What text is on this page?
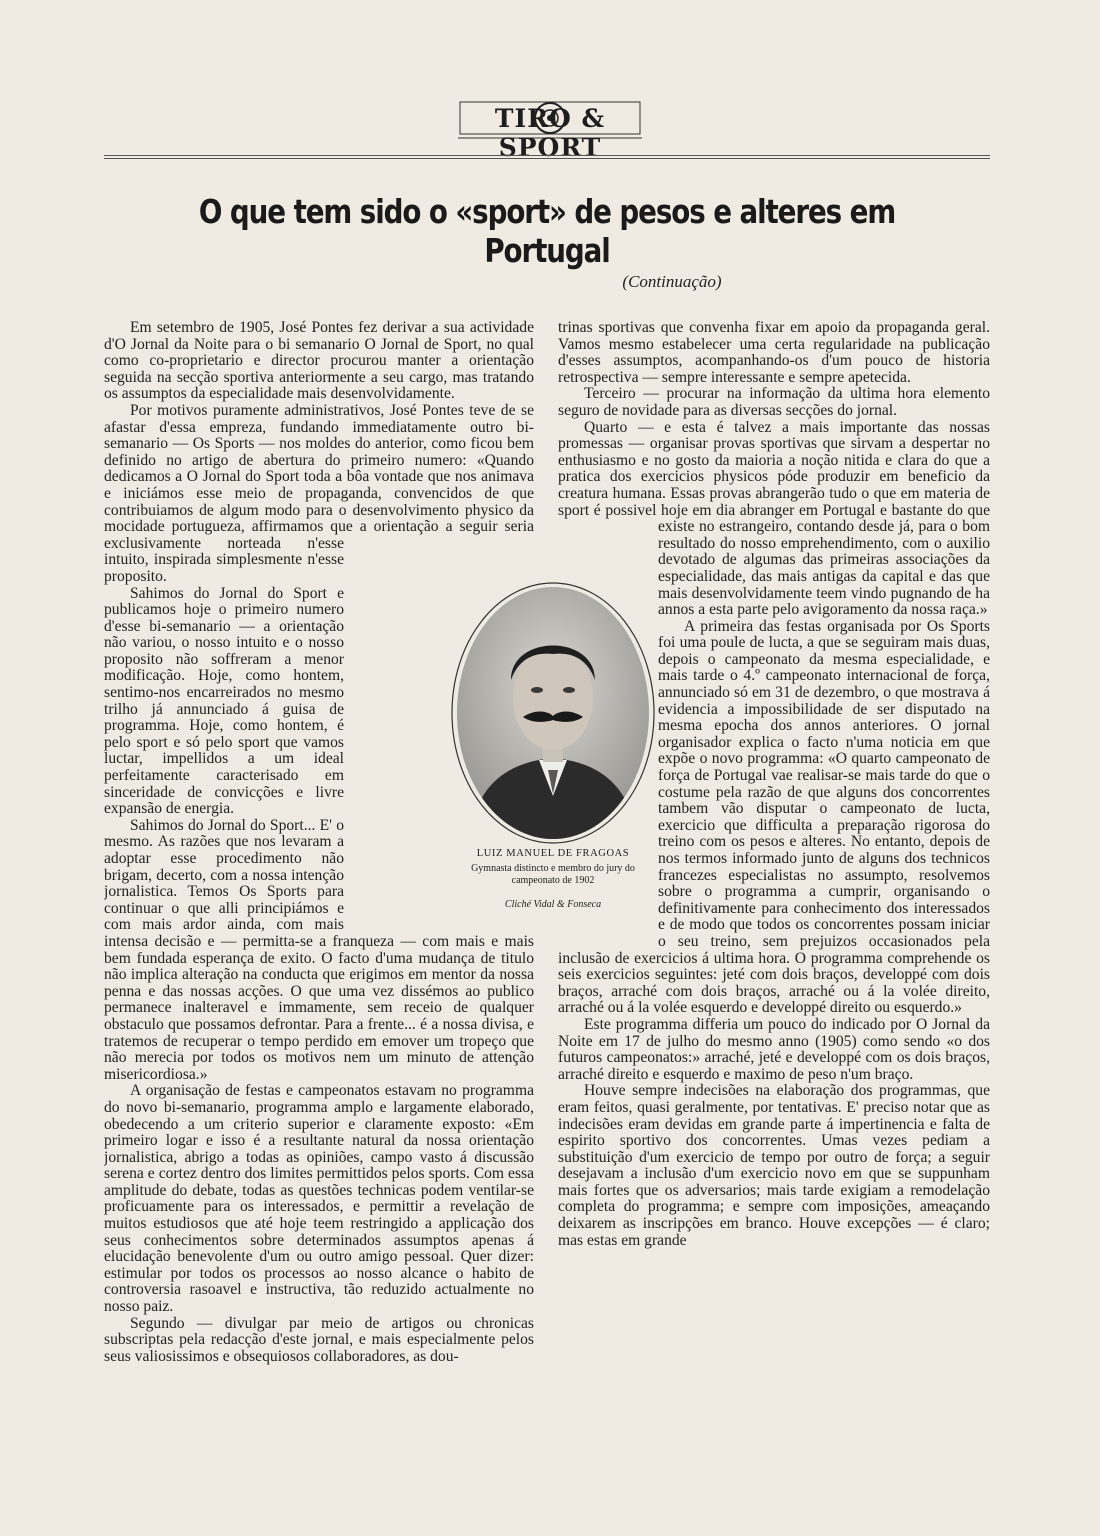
TIRO & SPORT
O que tem sido o «sport» de pesos e alteres em Portugal
(Continuação)

Em setembro de 1905, José Pontes fez derivar a sua actividade d'O Jornal da Noite para o bi semanario O Jornal de Sport, no qual como co-proprietario e director procurou manter a orientação seguida na secção sportiva anteriormente a seu cargo, mas tratando os assumptos da especialidade mais desenvolvidamente.

Por motivos puramente administrativos, José Pontes teve de se afastar d'essa empreza, fundando immediatamente outro bi-semanario — Os Sports — nos moldes do anterior, como ficou bem definido no artigo de abertura do primeiro numero: «Quando dedicamos a O Jornal do Sport toda a bôa vontade que nos animava e iniciámos esse meio de propaganda, convencidos de que contribuiamos de algum modo para o desenvolvimento physico da mocidade portugueza, affirmamos que a orientação a seguir seria exclusivamente norteada n'esse intuito, inspirada simplesmente n'esse proposito.

Sahimos do Jornal do Sport e publicamos hoje o primeiro numero d'esse bi-semanario — a orientação não variou, o nosso intuito e o nosso proposito não soffreram a menor modificação. Hoje, como hontem, sentimo-nos encarreirados no mesmo trilho já annunciado á guisa de programma. Hoje, como hontem, é pelo sport e só pelo sport que vamos luctar, impellidos a um ideal perfeitamente caracterisado em sinceridade de convicções e livre expansão de energia.

Sahimos do Jornal do Sport... E' o mesmo. As razões que nos levaram a adoptar esse procedimento não brigam, decerto, com a nossa intenção jornalistica. Temos Os Sports para continuar o que alli principiámos e com mais ardor ainda, com mais intensa decisão e — permitta-se a franqueza — com mais e mais bem fundada esperança de exito. O facto d'uma mudança de titulo não implica alteração na conducta que erigimos em mentor da nossa penna e das nossas acções. O que uma vez dissémos ao publico permanece inalteravel e immamente, sem receio de qualquer obstaculo que possamos defrontar. Para a frente... é a nossa divisa, e tratemos de recuperar o tempo perdido em emover um tropeço que não merecia por todos os motivos nem um minuto de attenção misericordiosa.»

A organisação de festas e campeonatos estavam no programma do novo bi-semanario, programma amplo e largamente elaborado, obedecendo a um criterio superior e claramente exposto: «Em primeiro logar e isso é a resultante natural da nossa orientação jornalistica, abrigo a todas as opiniões, campo vasto á discussão serena e cortez dentro dos limites permittidos pelos sports. Com essa amplitude do debate, todas as questões technicas podem ventilar-se proficuamente para os interessados, e permittir a revelação de muitos estudiosos que até hoje teem restringido a applicação dos seus conhecimentos sobre determinados assumptos apenas á elucidação benevolente d'um ou outro amigo pessoal. Quer dizer: estimular por todos os processos ao nosso alcance o habito de controversia rasoavel e instructiva, tão reduzido actualmente no nosso paiz.

Segundo — divulgar par meio de artigos ou chronicas subscriptas pela redacção d'este jornal, e mais especialmente pelos seus valiosissimos e obsequiosos collaboradores, as dou-

trinas sportivas que convenha fixar em apoio da propaganda geral. Vamos mesmo estabelecer uma certa regularidade na publicação d'esses assumptos, acompanhando-os d'um pouco de historia retrospectiva — sempre interessante e sempre apetecida.

Terceiro — procurar na informação da ultima hora elemento seguro de novidade para as diversas secções do jornal.

Quarto — e esta é talvez a mais importante das nossas promessas — organisar provas sportivas que sirvam a despertar no enthusiasmo e no gosto da maioria a noção nitida e clara do que a pratica dos exercicios physicos póde produzir em beneficio da creatura humana. Essas provas abrangerão tudo o que em materia de sport é possivel hoje em dia abranger em Portugal e bastante do que existe no estrangeiro, contando desde já, para o bom resultado do nosso emprehendimento, com o auxilio devotado de algumas das primeiras associações da especialidade, das mais antigas da capital e das que mais desenvolvidamente teem vindo pugnando de ha annos a esta parte pelo avigoramento da nossa raça.»

A primeira das festas organisada por Os Sports foi uma poule de lucta, a que se seguiram mais duas, depois o campeonato da mesma especialidade, e mais tarde o 4.º campeonato internacional de força, annunciado só em 31 de dezembro, o que mostrava á evidencia a impossibilidade de ser disputado na mesma epocha dos annos anteriores. O jornal organisador explica o facto n'uma noticia em que expõe o novo programma: «O quarto campeonato de força de Portugal vae realisar-se mais tarde do que o costume pela razão de que alguns dos concorrentes tambem vão disputar o campeonato de lucta, exercicio que difficulta a preparação rigorosa do treino com os pesos e alteres. No entanto, depois de nos termos informado junto de alguns dos technicos francezes especialistas no assumpto, resolvemos sobre o programma a cumprir, organisando o definitivamente para conhecimento dos interessados e de modo que todos os concorrentes possam iniciar o seu treino, sem prejuizos occasionados pela inclusão de exercicios á ultima hora. O programma comprehende os seis exercicios seguintes: jeté com dois braços, developpé com dois braços, arraché com dois braços, arraché ou á la volée direito, arraché ou á la volée esquerdo e developpé direito ou esquerdo.»

Este programma differia um pouco do indicado por O Jornal da Noite em 17 de julho do mesmo anno (1905) como sendo «o dos futuros campeonatos:» arraché, jeté e developpé com os dois braços, arraché direito e esquerdo e maximo de peso n'um braço.

Houve sempre indecisões na elaboração dos programmas, que eram feitos, quasi geralmente, por tentativas. E' preciso notar que as indecisões eram devidas em grande parte á impertinencia e falta de espirito sportivo dos concorrentes. Umas vezes pediam a substituição d'um exercicio de tempo por outro de força; a seguir desejavam a inclusão d'um exercicio novo em que se suppunham mais fortes que os adversarios; mais tarde exigiam a remodelação completa do programma; e sempre com imposições, ameaçando deixarem as inscripções em branco. Houve excepções — é claro; mas estas em grande

LUIZ MANUEL DE FRAGOAS
Gymnasta distincto e membro do jury do campeonato de 1902
Cliché Vidal & Fonseca
